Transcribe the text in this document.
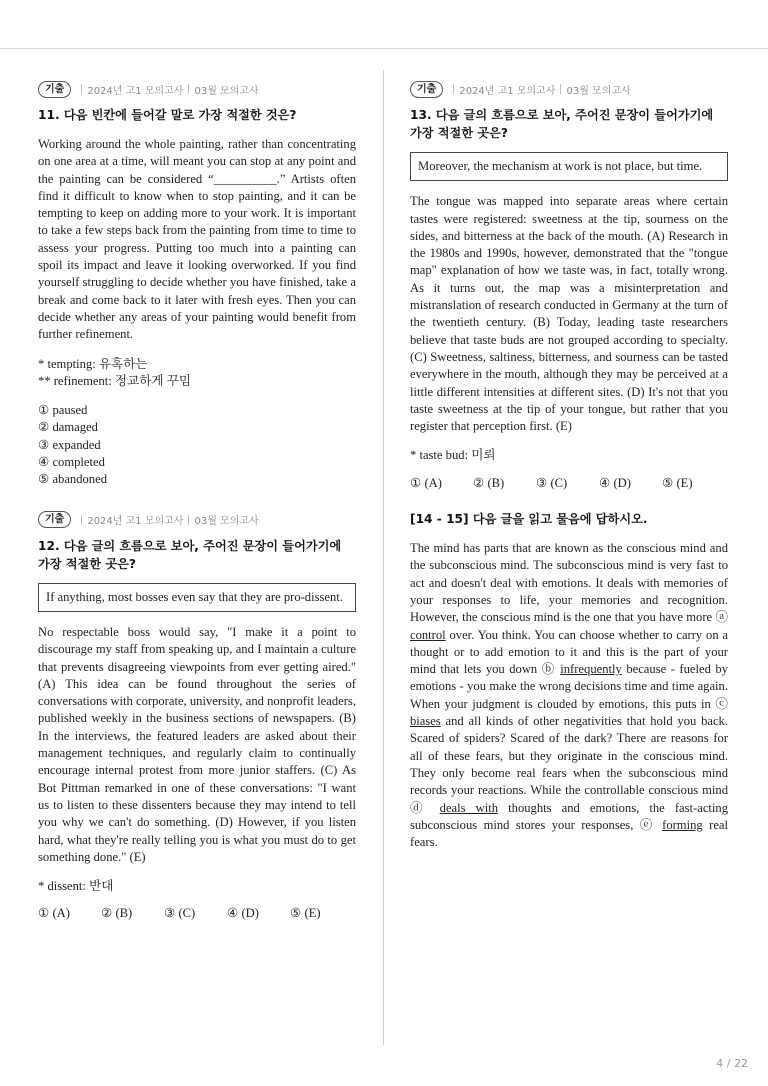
기출	2024년 고1 모의고사 03월 모의고사
11. 다음 빈칸에 들어갈 말로 가장 적절한 것은?
Working around the whole painting, rather than concentrating on one area at a time, will meant you can stop at any point and the painting can be considered “__________.” Artists often find it difficult to know when to stop painting, and it can be tempting to keep on adding more to your work. It is important to take a few steps back from the painting from time to time to assess your progress. Putting too much into a painting can spoil its impact and leave it looking overworked. If you find yourself struggling to decide whether you have finished, take a break and come back to it later with fresh eyes. Then you can decide whether any areas of your painting would benefit from further refinement.
* tempting: 유혹하는
** refinement: 정교하게 꾸밈
① paused
② damaged
③ expanded
④ completed
⑤ abandoned
기출	2024년 고1 모의고사 03월 모의고사
12. 다음 글의 흐름으로 보아, 주어진 문장이 들어가기에 가장 적절한 곳은?
If anything, most bosses even say that they are pro-dissent.
No respectable boss would say, "I make it a point to discourage my staff from speaking up, and I maintain a culture that prevents disagreeing viewpoints from ever getting aired." (A) This idea can be found throughout the series of conversations with corporate, university, and nonprofit leaders, published weekly in the business sections of newspapers. (B) In the interviews, the featured leaders are asked about their management techniques, and regularly claim to continually encourage internal protest from more junior staffers. (C) As Bot Pittman remarked in one of these conversations: "I want us to listen to these dissenters because they may intend to tell you why we can't do something. (D) However, if you listen hard, what they're really telling you is what you must do to get something done." (E)
* dissent: 반대
① (A)	② (B)	③ (C)	④ (D)	⑤ (E)
기출	2024년 고1 모의고사 03월 모의고사
13. 다음 글의 흐름으로 보아, 주어진 문장이 들어가기에 가장 적절한 곳은?
Moreover, the mechanism at work is not place, but time.
The tongue was mapped into separate areas where certain tastes were registered: sweetness at the tip, sourness on the sides, and bitterness at the back of the mouth. (A) Research in the 1980s and 1990s, however, demonstrated that the "tongue map" explanation of how we taste was, in fact, totally wrong. As it turns out, the map was a misinterpretation and mistranslation of research conducted in Germany at the turn of the twentieth century. (B) Today, leading taste researchers believe that taste buds are not grouped according to specialty. (C) Sweetness, saltiness, bitterness, and sourness can be tasted everywhere in the mouth, although they may be perceived at a little different intensities at different sites. (D) It's not that you taste sweetness at the tip of your tongue, but rather that you register that perception first. (E)
* taste bud: 미뢰
① (A)	② (B)	③ (C)	④ (D)	⑤ (E)
[14 - 15] 다음 글을 읽고 물음에 답하시오.
The mind has parts that are known as the conscious mind and the subconscious mind. The subconscious mind is very fast to act and doesn't deal with emotions. It deals with memories of your responses to life, your memories and recognition. However, the conscious mind is the one that you have more ⓐ control over. You think. You can choose whether to carry on a thought or to add emotion to it and this is the part of your mind that lets you down ⓑ infrequently because - fueled by emotions - you make the wrong decisions time and time again. When your judgment is clouded by emotions, this puts in ⓒ biases and all kinds of other negativities that hold you back. Scared of spiders? Scared of the dark? There are reasons for all of these fears, but they originate in the conscious mind. They only become real fears when the subconscious mind records your reactions. While the controllable conscious mind ⓓ deals with thoughts and emotions, the fast-acting subconscious mind stores your responses, ⓔ forming real fears.
4 / 22
